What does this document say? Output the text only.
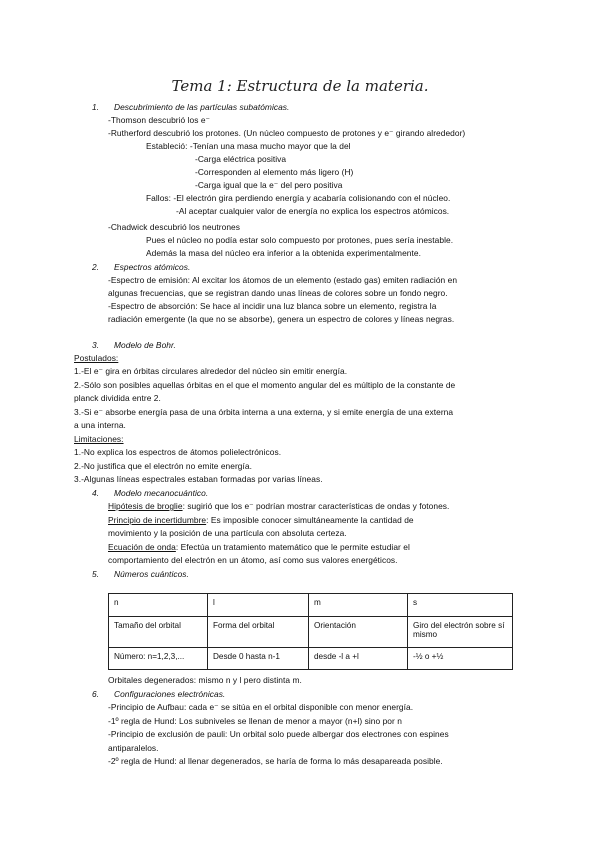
Tema 1: Estructura de la materia.
1. Descubrimiento de las partículas subatómicas.
-Thomson descubrió los e⁻
-Rutherford descubrió los protones. (Un núcleo compuesto de protones y e⁻ girando alrededor)
Estableció: -Tenían una masa mucho mayor que la del
-Carga eléctrica positiva
-Corresponden al elemento más ligero (H)
-Carga igual que la e⁻ del pero positiva
Fallos: -El electrón gira perdiendo energía y acabaría colisionando con el núcleo.
-Al aceptar cualquier valor de energía no explica los espectros atómicos.
-Chadwick descubrió los neutrones
Pues el núcleo no podía estar solo compuesto por protones, pues sería inestable.
Además la masa del núcleo era inferior a la obtenida experimentalmente.
2. Espectros atómicos.
-Espectro de emisión: Al excitar los átomos de un elemento (estado gas) emiten radiación en
algunas frecuencias, que se registran dando unas líneas de colores sobre un fondo negro.
-Espectro de absorción: Se hace al incidir una luz blanca sobre un elemento, registra la
radiación emergente (la que no se absorbe), genera un espectro de colores y líneas negras.
3. Modelo de Bohr.
Postulados:
1.-El e⁻ gira en órbitas circulares alrededor del núcleo sin emitir energía.
2.-Sólo son posibles aquellas órbitas en el que el momento angular del es múltiplo de la constante de
planck dividida entre 2.
3.-Si e⁻ absorbe energía pasa de una órbita interna a una externa, y si emite energía de una externa
a una interna.
Limitaciones:
1.-No explica los espectros de átomos polielectrónicos.
2.-No justifica que el electrón no emite energía.
3.-Algunas líneas espectrales estaban formadas por varias líneas.
4. Modelo mecanocuántico.
Hipótesis de broglie: sugirió que los e⁻ podrían mostrar características de ondas y fotones.
Principio de incertidumbre: Es imposible conocer simultáneamente la cantidad de
movimiento y la posición de una partícula con absoluta certeza.
Ecuación de onda: Efectúa un tratamiento matemático que le permite estudiar el
comportamiento del electrón en un átomo, así como sus valores energéticos.
5. Números cuánticos.
n	l	m	s
Tamaño del orbital	Forma del orbital	Orientación	Giro del electrón sobre sí mismo
Número: n=1,2,3,...	Desde 0 hasta n-1	desde -l a +l	-½ o +½
Orbitales degenerados: mismo n y l pero distinta m.
6. Configuraciones electrónicas.
-Principio de Aufbau: cada e⁻ se sitúa en el orbital disponible con menor energía.
-1º regla de Hund: Los subniveles se llenan de menor a mayor (n+l) sino por n
-Principio de exclusión de pauli: Un orbital solo puede albergar dos electrones con espines
antiparalelos.
-2º regla de Hund: al llenar degenerados, se haría de forma lo más desapareada posible.
